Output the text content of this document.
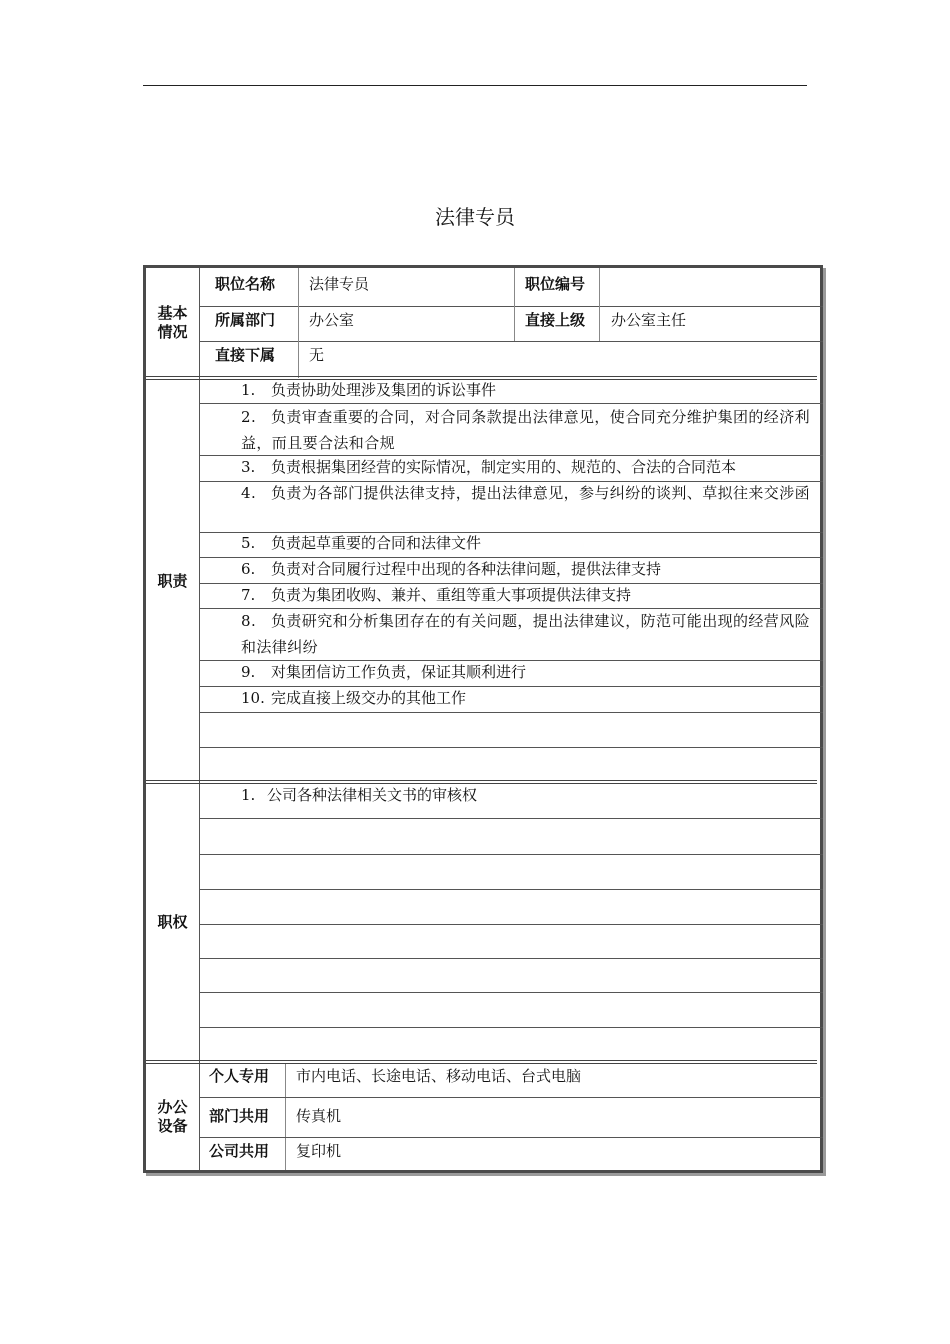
法律专员
基本情况
职位名称 法律专员	职位编号
所属部门 办公室	直接上级 办公室主任
直接下属 无
职责
1. 负责协助处理涉及集团的诉讼事件
2. 负责审查重要的合同，对合同条款提出法律意见，使合同充分维护集团的经济利益，而且要合法和合规
3. 负责根据集团经营的实际情况，制定实用的、规范的、合法的合同范本
4. 负责为各部门提供法律支持，提出法律意见，参与纠纷的谈判、草拟往来交涉函
5. 负责起草重要的合同和法律文件
6. 负责对合同履行过程中出现的各种法律问题，提供法律支持
7. 负责为集团收购、兼并、重组等重大事项提供法律支持
8. 负责研究和分析集团存在的有关问题，提出法律建议，防范可能出现的经营风险和法律纠纷
9. 对集团信访工作负责，保证其顺利进行
10. 完成直接上级交办的其他工作
职权
1. 公司各种法律相关文书的审核权
办公设备
个人专用 市内电话、长途电话、移动电话、台式电脑
部门共用 传真机
公司共用 复印机
